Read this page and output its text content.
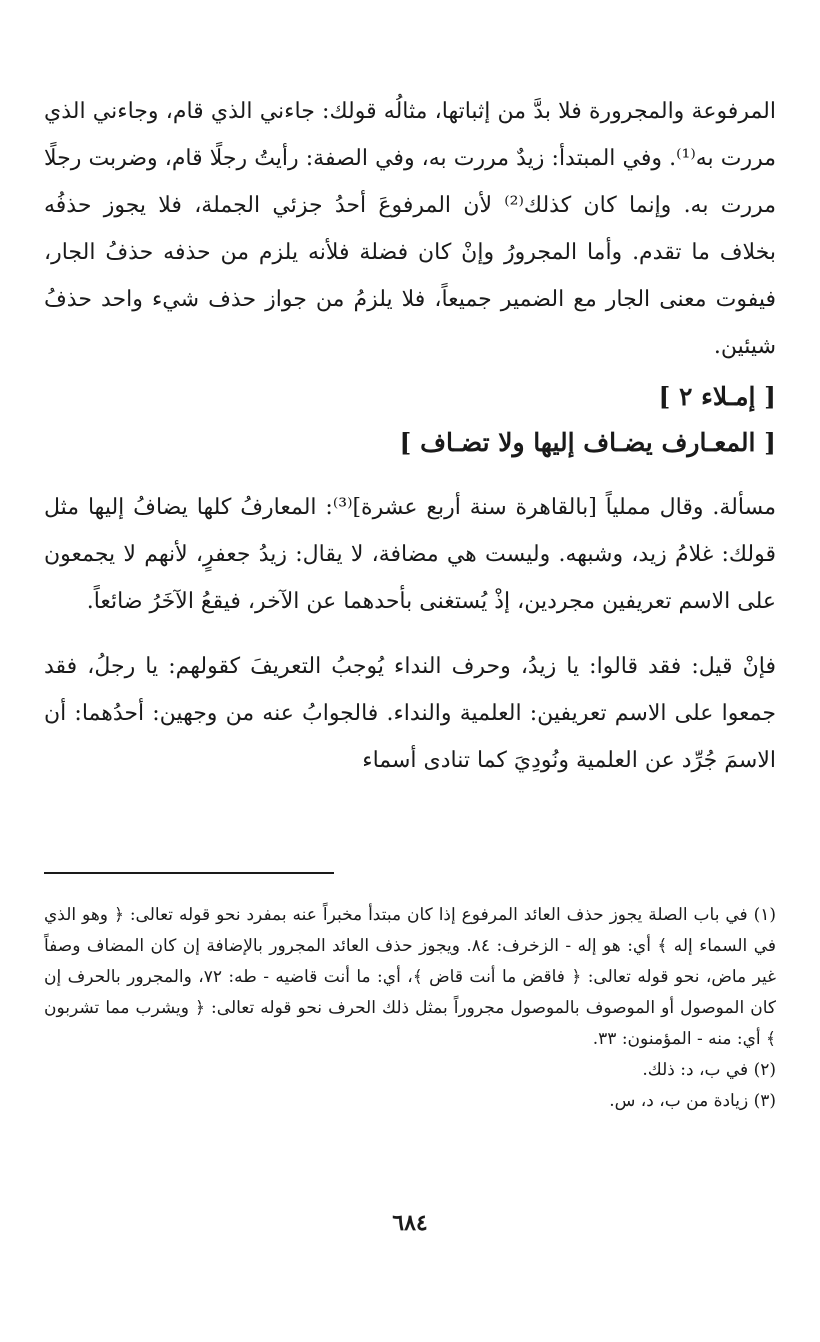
المرفوعة والمجرورة فلا بدَّ من إثباتها، مثالُه قولك: جاءني الذي قام، وجاءني الذي مررت به⁽¹⁾. وفي المبتدأ: زيدٌ مررت به، وفي الصفة: رأيتُ رجلًا قام، وضربت رجلًا مررت به. وإنما كان كذلك⁽²⁾ لأن المرفوعَ أحدُ جزئي الجملة، فلا يجوز حذفُه بخلاف ما تقدم. وأما المجرورُ وإنْ كان فضلة فلأنه يلزم من حذفه حذفُ الجار، فيفوت معنى الجار مع الضمير جميعاً، فلا يلزمُ من جواز حذف شيء واحد حذفُ شيئين.

[ إمـلاء ٢ ]

[ المعـارف يضـاف إليها ولا تضـاف ]

مسألة. وقال مملياً [بالقاهرة سنة أربع عشرة]⁽³⁾: المعارفُ كلها يضافُ إليها مثل قولك: غلامُ زيد، وشبهه. وليست هي مضافة، لا يقال: زيدُ جعفرٍ، لأنهم لا يجمعون على الاسم تعريفين مجردين، إذْ يُستغنى بأحدهما عن الآخر، فيقعُ الآخَرُ ضائعاً.

فإنْ قيل: فقد قالوا: يا زيدُ، وحرف النداء يُوجبُ التعريفَ كقولهم: يا رجلُ، فقد جمعوا على الاسم تعريفين: العلمية والنداء. فالجوابُ عنه من وجهين: أحدُهما: أن الاسمَ جُرِّد عن العلمية ونُودِيَ كما تنادى أسماء

(١) في باب الصلة يجوز حذف العائد المرفوع إذا كان مبتدأ مخبراً عنه بمفرد نحو قوله تعالى: ﴿ وهو الذي في السماء إله ﴾ أي: هو إله - الزخرف: ٨٤. ويجوز حذف العائد المجرور بالإضافة إن كان المضاف وصفاً غير ماض، نحو قوله تعالى: ﴿ فاقض ما أنت قاض ﴾، أي: ما أنت قاضيه - طه: ٧٢، والمجرور بالحرف إن كان الموصول أو الموصوف بالموصول مجروراً بمثل ذلك الحرف نحو قوله تعالى: ﴿ ويشرب مما تشربون ﴾ أي: منه - المؤمنون: ٣٣.

(٢) في ب، د: ذلك.

(٣) زيادة من ب، د، س.

٦٨٤
